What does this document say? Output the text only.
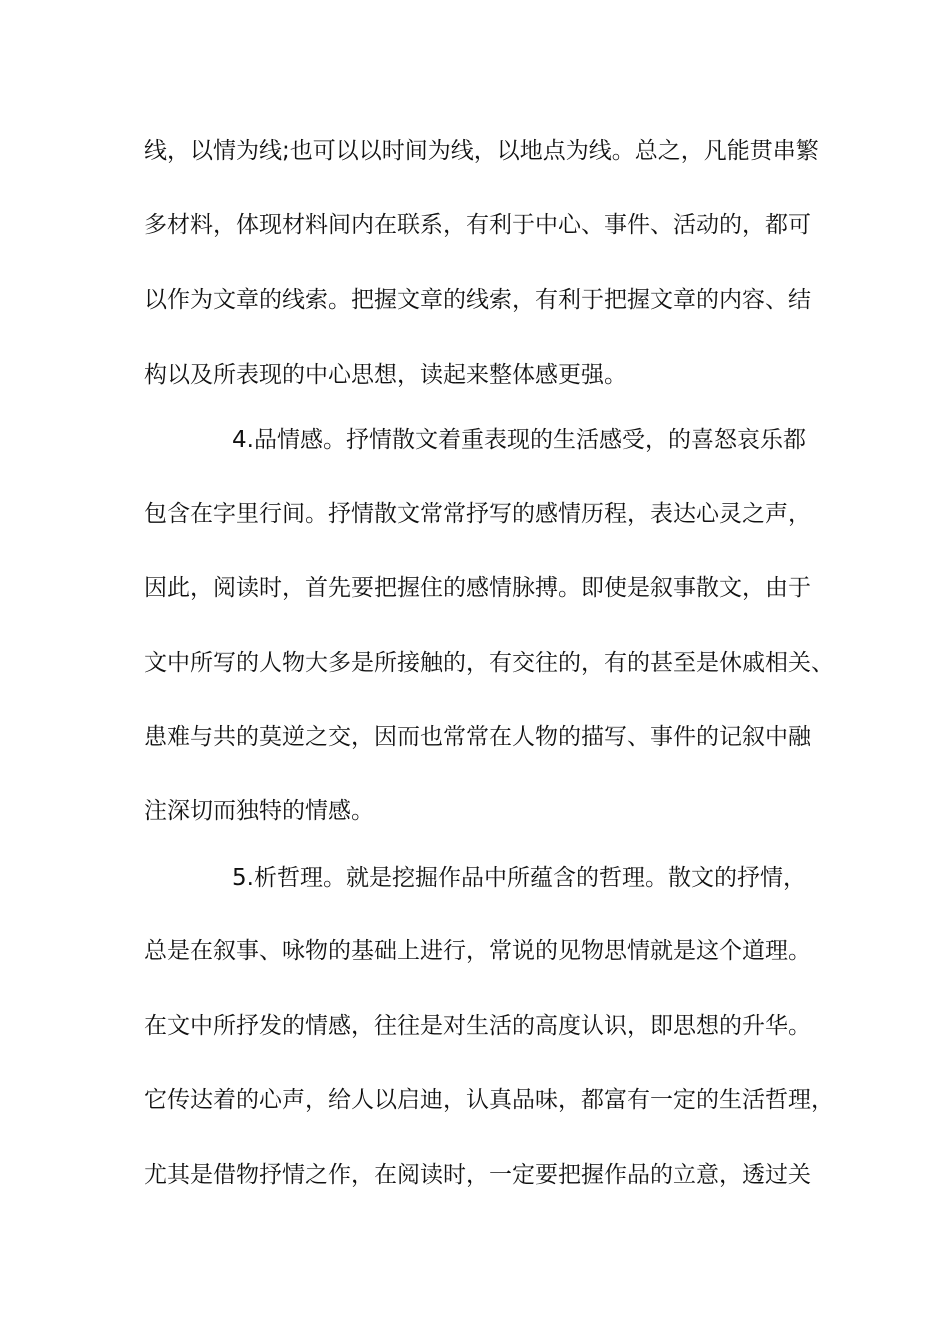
线，以情为线;也可以以时间为线，以地点为线。总之，凡能贯串繁
多材料，体现材料间内在联系，有利于中心、事件、活动的，都可
以作为文章的线索。把握文章的线索，有利于把握文章的内容、结
构以及所表现的中心思想，读起来整体感更强。
4.品情感。抒情散文着重表现的生活感受，的喜怒哀乐都
包含在字里行间。抒情散文常常抒写的感情历程，表达心灵之声，
因此，阅读时，首先要把握住的感情脉搏。即使是叙事散文，由于
文中所写的人物大多是所接触的，有交往的，有的甚至是休戚相关、
患难与共的莫逆之交，因而也常常在人物的描写、事件的记叙中融
注深切而独特的情感。
5.析哲理。就是挖掘作品中所蕴含的哲理。散文的抒情，
总是在叙事、咏物的基础上进行，常说的见物思情就是这个道理。
在文中所抒发的情感，往往是对生活的高度认识，即思想的升华。
它传达着的心声，给人以启迪，认真品味，都富有一定的生活哲理，
尤其是借物抒情之作，在阅读时，一定要把握作品的立意，透过关
